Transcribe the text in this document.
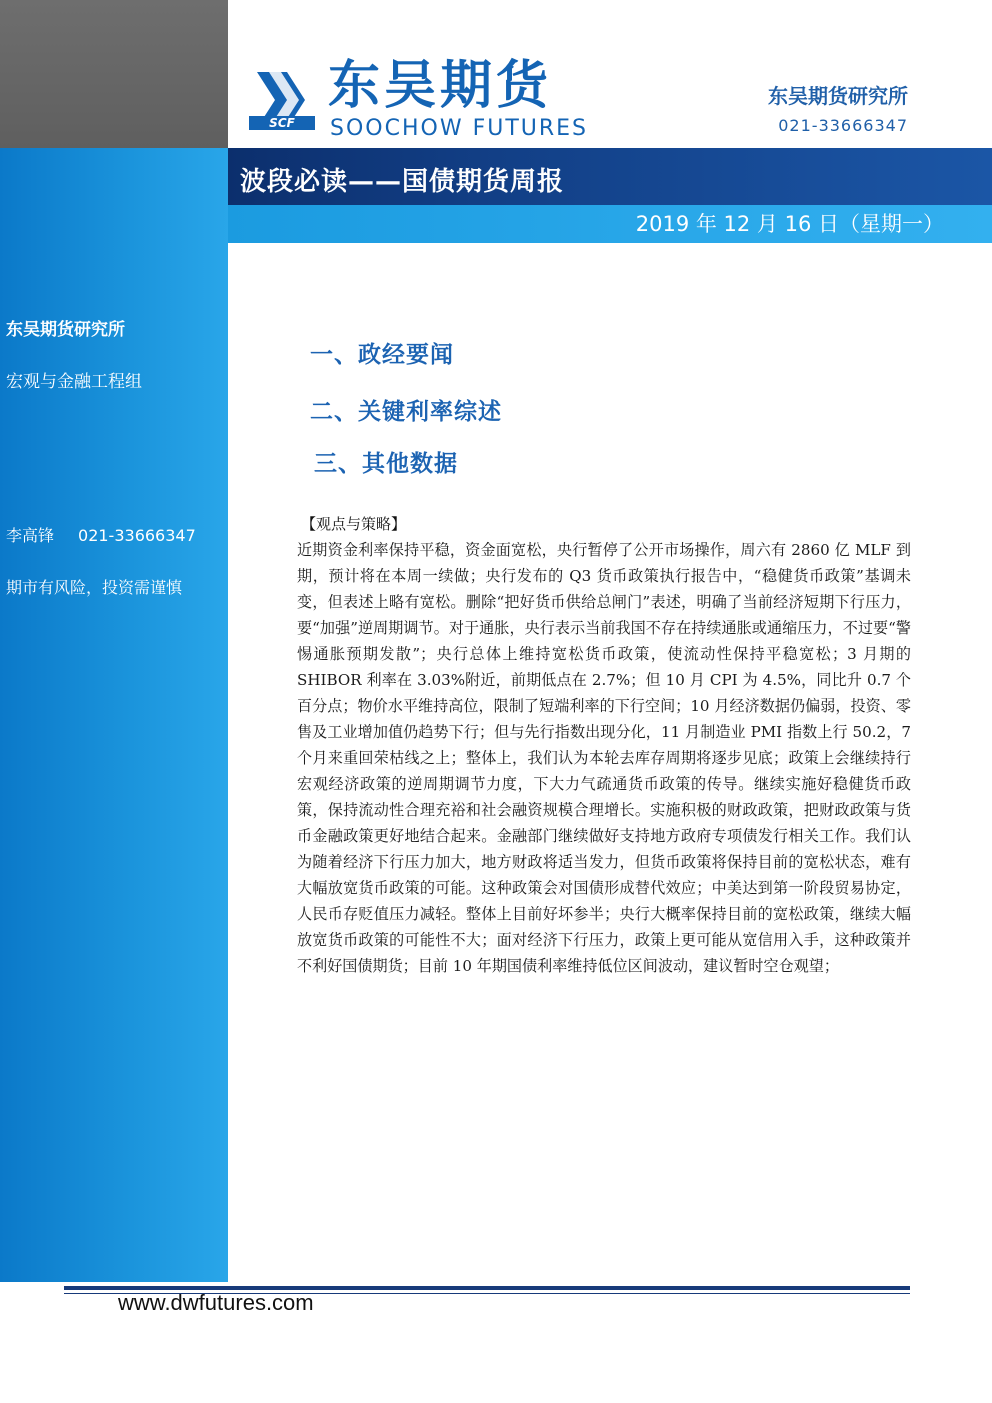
SCF
东吴期货
SOOCHOW FUTURES
东吴期货研究所
021-33666347
波段必读——国债期货周报
2019 年 12 月 16 日（星期一）
东吴期货研究所
宏观与金融工程组
李高锋 021-33666347
期市有风险，投资需谨慎
一、政经要闻
二、关键利率综述
三、其他数据
【观点与策略】

近期资金利率保持平稳，资金面宽松，央行暂停了公开市场操作，周六有 2860 亿 MLF 到期，预计将在本周一续做；央行发布的 Q3 货币政策执行报告中，“稳健货币政策”基调未变，但表述上略有宽松。删除“把好货币供给总闸门”表述，明确了当前经济短期下行压力，要“加强”逆周期调节。对于通胀，央行表示当前我国不存在持续通胀或通缩压力，不过要“警惕通胀预期发散”；央行总体上维持宽松货币政策，使流动性保持平稳宽松；3 月期的 SHIBOR 利率在 3.03%附近，前期低点在 2.7%；但 10 月 CPI 为 4.5%，同比升 0.7 个百分点；物价水平维持高位，限制了短端利率的下行空间；10 月经济数据仍偏弱，投资、零售及工业增加值仍趋势下行；但与先行指数出现分化，11 月制造业 PMI 指数上行 50.2，7 个月来重回荣枯线之上；整体上，我们认为本轮去库存周期将逐步见底；政策上会继续持行宏观经济政策的逆周期调节力度，下大力气疏通货币政策的传导。继续实施好稳健货币政策，保持流动性合理充裕和社会融资规模合理增长。实施积极的财政政策，把财政政策与货币金融政策更好地结合起来。金融部门继续做好支持地方政府专项债发行相关工作。我们认为随着经济下行压力加大，地方财政将适当发力，但货币政策将保持目前的宽松状态，难有大幅放宽货币政策的可能。这种政策会对国债形成替代效应；中美达到第一阶段贸易协定，人民币存贬值压力减轻。整体上目前好坏参半；央行大概率保持目前的宽松政策，继续大幅放宽货币政策的可能性不大；面对经济下行压力，政策上更可能从宽信用入手，这种政策并不利好国债期货；目前 10 年期国债利率维持低位区间波动，建议暂时空仓观望；

www.dwfutures.com
